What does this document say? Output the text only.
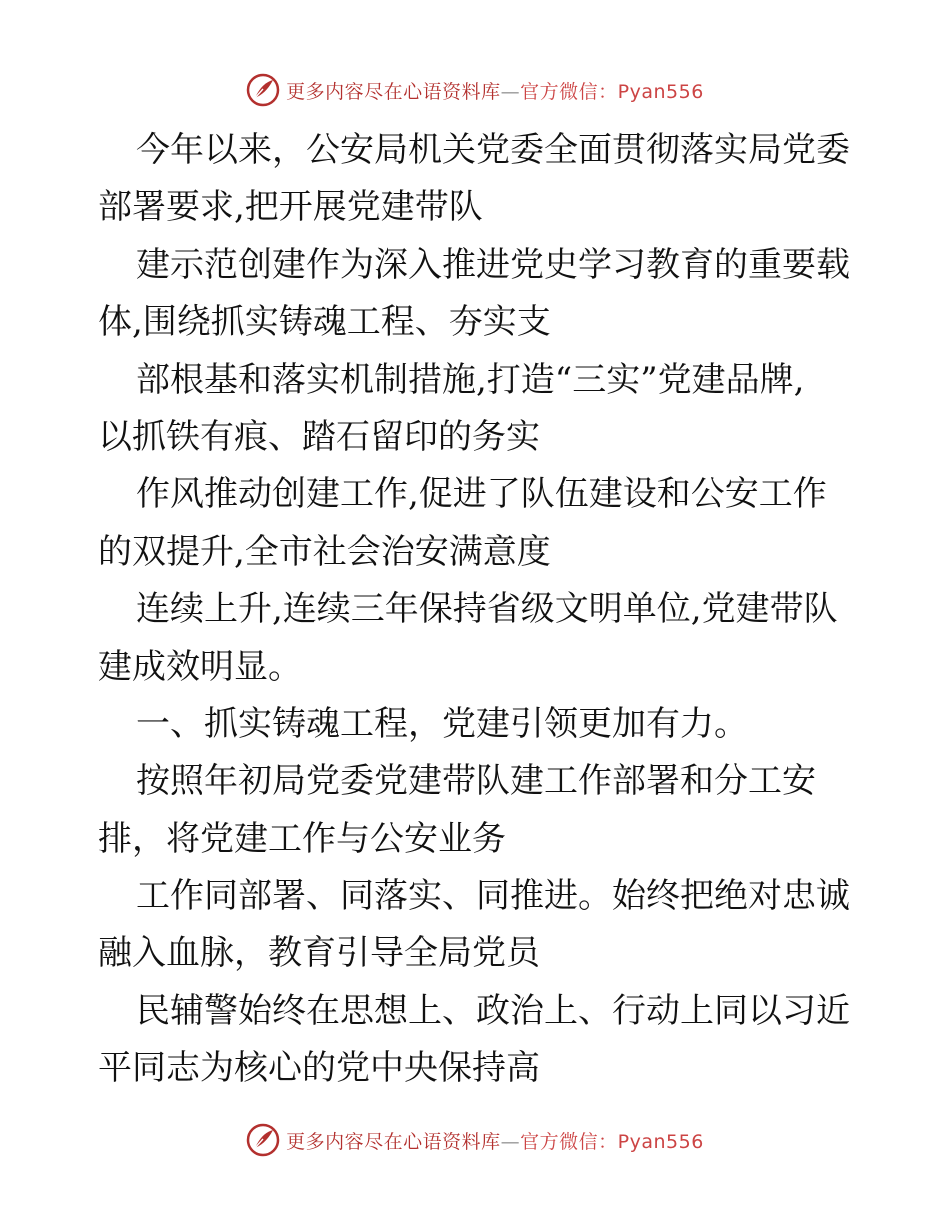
更多内容尽在心语资料库—官方微信：Pyan556
今年以来，公安局机关党委全面贯彻落实局党委
部署要求,把开展党建带队
建示范创建作为深入推进党史学习教育的重要载
体,围绕抓实铸魂工程、夯实支
部根基和落实机制措施,打造“三实”党建品牌,
以抓铁有痕、踏石留印的务实
作风推动创建工作,促进了队伍建设和公安工作
的双提升,全市社会治安满意度
连续上升,连续三年保持省级文明单位,党建带队
建成效明显。
一、抓实铸魂工程，党建引领更加有力。
按照年初局党委党建带队建工作部署和分工安
排，将党建工作与公安业务
工作同部署、同落实、同推进。始终把绝对忠诚
融入血脉，教育引导全局党员
民辅警始终在思想上、政治上、行动上同以习近
平同志为核心的党中央保持高
更多内容尽在心语资料库—官方微信：Pyan556
